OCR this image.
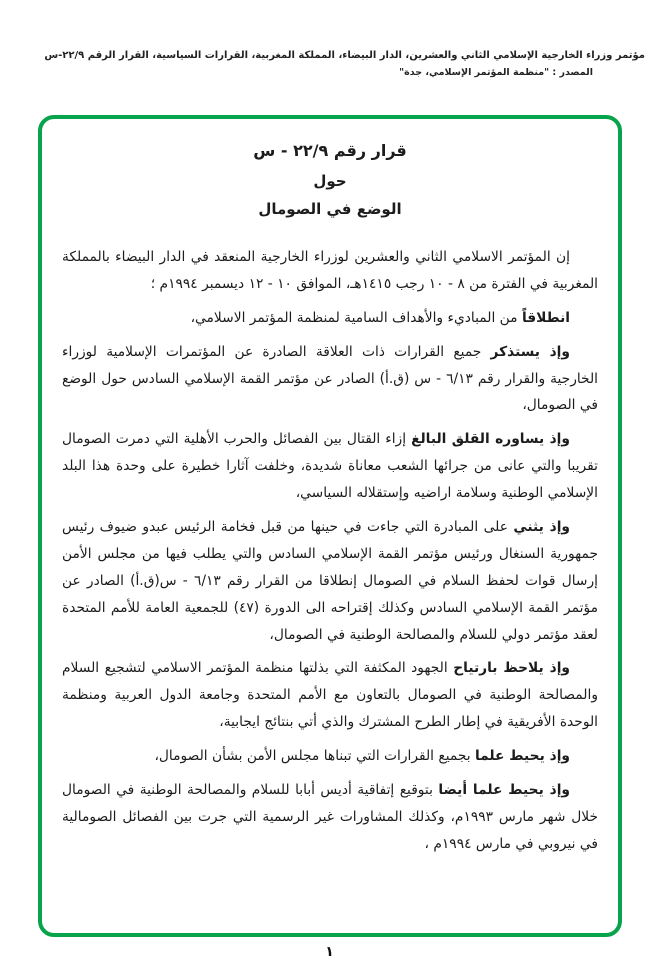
مؤتمر وزراء الخارجية الإسلامي الثاني والعشرين، الدار البيضاء، المملكة المغربية، القرارات السياسية، القرار الرقم ٢٢/٩-س
المصدر : "منظمة المؤتمر الإسلامي، جدة"
قرار رقم ٢٢/٩ - س
حول
الوضع في الصومال

إن المؤتمر الاسلامي الثاني والعشرين لوزراء الخارجية المنعقد في الدار البيضاء بالمملكة المغربية في الفترة من ٨ - ١٠ رجب ١٤١٥هـ، الموافق ١٠ - ١٢ ديسمبر ١٩٩٤م ؛

انطلاقاً من المباديء والأهداف السامية لمنظمة المؤتمر الاسلامي،

وإذ يستذكر جميع القرارات ذات العلاقة الصادرة عن المؤتمرات الإسلامية لوزراء الخارجية والقرار رقم ٦/١٣ - س (ق.أ) الصادر عن مؤتمر القمة الإسلامي السادس حول الوضع في الصومال،

وإذ يساوره القلق البالغ إزاء القتال بين الفصائل والحرب الأهلية التي دمرت الصومال تقريبا والتي عانى من جرائها الشعب معاناة شديدة، وخلفت آثارا خطيرة على وحدة هذا البلد الإسلامي الوطنية وسلامة اراضيه وإستقلاله السياسي،

وإذ يثني على المبادرة التي جاءت في حينها من قبل فخامة الرئيس عبدو ضيوف رئيس جمهورية السنغال ورئيس مؤتمر القمة الإسلامي السادس والتي يطلب فيها من مجلس الأمن إرسال قوات لحفظ السلام في الصومال إنطلاقا من القرار رقم ٦/١٣ - س(ق.أ) الصادر عن مؤتمر القمة الإسلامي السادس وكذلك إقتراحه الى الدورة (٤٧) للجمعية العامة للأمم المتحدة لعقد مؤتمر دولي للسلام والمصالحة الوطنية في الصومال،

وإذ يلاحظ بارتياح الجهود المكثفة التي بذلتها منظمة المؤتمر الاسلامي لتشجيع السلام والمصالحة الوطنية في الصومال بالتعاون مع الأمم المتحدة وجامعة الدول العربية ومنظمة الوحدة الأفريقية في إطار الطرح المشترك والذي أتي بنتائج ايجابية،

وإذ يحيط علما بجميع القرارات التي تبناها مجلس الأمن بشأن الصومال،

وإذ يحيط علما أيضا بتوقيع إتفاقية أديس أبابا للسلام والمصالحة الوطنية في الصومال خلال شهر مارس ١٩٩٣م، وكذلك المشاورات غير الرسمية التي جرت بين الفصائل الصومالية في نيروبي في مارس ١٩٩٤م ،

١
